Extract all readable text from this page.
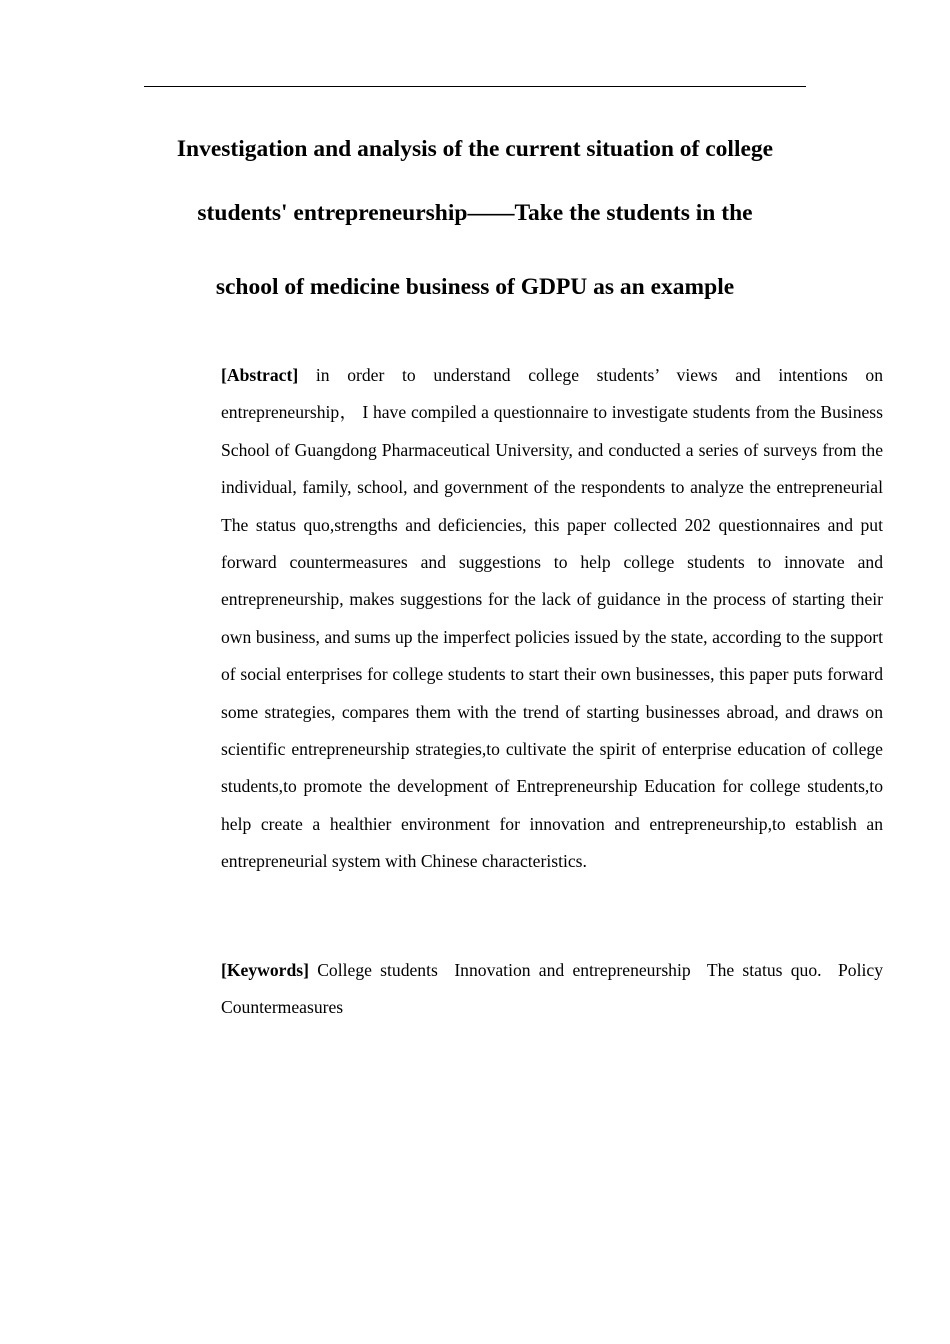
Investigation and analysis of the current situation of college
students' entrepreneurship——Take the students in the
school of medicine business of GDPU as an example

[Abstract] in order to understand college students’ views and intentions on entrepreneurship， I have compiled a questionnaire to investigate students from the Business School of Guangdong Pharmaceutical University, and conducted a series of surveys from the individual, family, school, and government of the respondents to analyze the entrepreneurial The status quo,strengths and deficiencies, this paper collected 202 questionnaires and put forward countermeasures and suggestions to help college students to innovate and entrepreneurship, makes suggestions for the lack of guidance in the process of starting their own business, and sums up the imperfect policies issued by the state, according to the support of social enterprises for college students to start their own businesses, this paper puts forward some strategies, compares them with the trend of starting businesses abroad, and draws on scientific entrepreneurship strategies,to cultivate the spirit of enterprise education of college students,to promote the development of Entrepreneurship Education for college students,to help create a healthier environment for innovation and entrepreneurship,to establish an entrepreneurial system with Chinese characteristics.

[Keywords] College students  Innovation and entrepreneurship  The status quo.  Policy  Countermeasures
